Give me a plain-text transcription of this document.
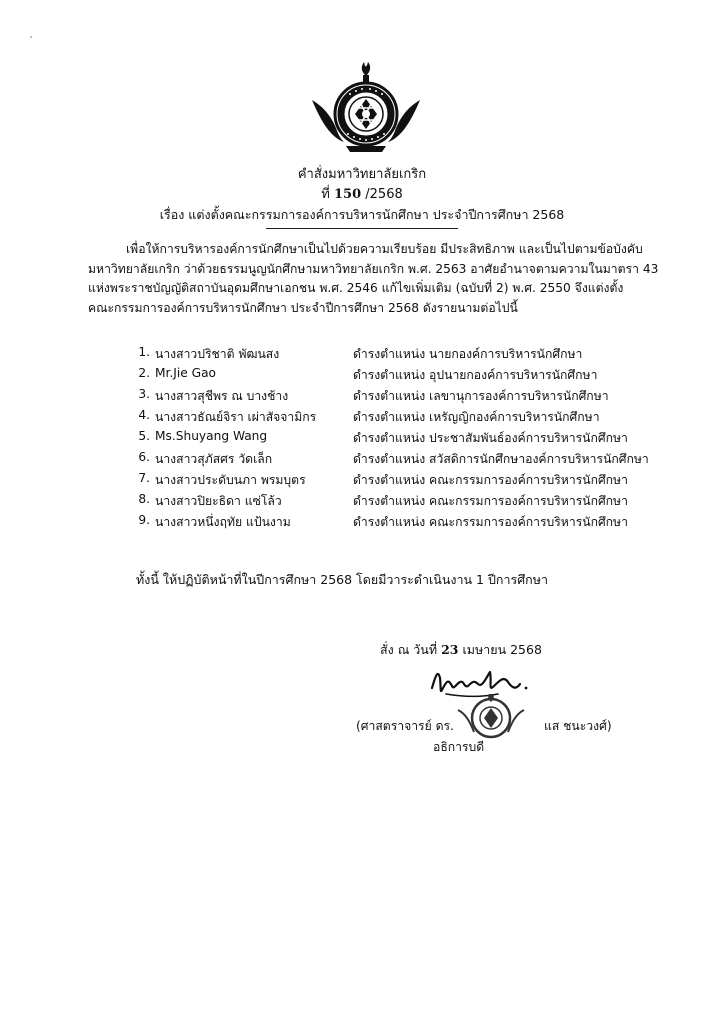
คำสั่งมหาวิทยาลัยเกริก
ที่ 150 /2568
เรื่อง แต่งตั้งคณะกรรมการองค์การบริหารนักศึกษา ประจำปีการศึกษา 2568
เพื่อให้การบริหารองค์การนักศึกษาเป็นไปด้วยความเรียบร้อย มีประสิทธิภาพ และเป็นไปตามข้อบังคับ
มหาวิทยาลัยเกริก ว่าด้วยธรรมนูญนักศึกษามหาวิทยาลัยเกริก พ.ศ. 2563 อาศัยอำนาจตามความในมาตรา 43
แห่งพระราชบัญญัติสถาบันอุดมศึกษาเอกชน พ.ศ. 2546 แก้ไขเพิ่มเติม (ฉบับที่ 2) พ.ศ. 2550 จึงแต่งตั้ง
คณะกรรมการองค์การบริหารนักศึกษา ประจำปีการศึกษา 2568 ดังรายนามต่อไปนี้
1. นางสาวปริชาติ พัฒนสง	ดำรงตำแหน่ง นายกองค์การบริหารนักศึกษา
2. Mr.Jie Gao	ดำรงตำแหน่ง อุปนายกองค์การบริหารนักศึกษา
3. นางสาวสุชีพร ณ บางช้าง	ดำรงตำแหน่ง เลขานุการองค์การบริหารนักศึกษา
4. นางสาวธัณย์จิรา เผ่าสัจจามิกร	ดำรงตำแหน่ง เหรัญญิกองค์การบริหารนักศึกษา
5. Ms.Shuyang Wang	ดำรงตำแหน่ง ประชาสัมพันธ์องค์การบริหารนักศึกษา
6. นางสาวสุภัสศร วัดเล็ก	ดำรงตำแหน่ง สวัสดิการนักศึกษาองค์การบริหารนักศึกษา
7. นางสาวประดับนภา พรมบุตร	ดำรงตำแหน่ง คณะกรรมการองค์การบริหารนักศึกษา
8. นางสาวปิยะธิดา แซ่โล้ว	ดำรงตำแหน่ง คณะกรรมการองค์การบริหารนักศึกษา
9. นางสาวหนึ่งฤทัย แป้นงาม	ดำรงตำแหน่ง คณะกรรมการองค์การบริหารนักศึกษา
ทั้งนี้ ให้ปฏิบัติหน้าที่ในปีการศึกษา 2568 โดยมีวาระดำเนินงาน 1 ปีการศึกษา
สั่ง ณ วันที่ 23 เมษายน 2568
(ศาสตราจารย์ ดร.	แส ชนะวงศ์)
อธิการบดี
